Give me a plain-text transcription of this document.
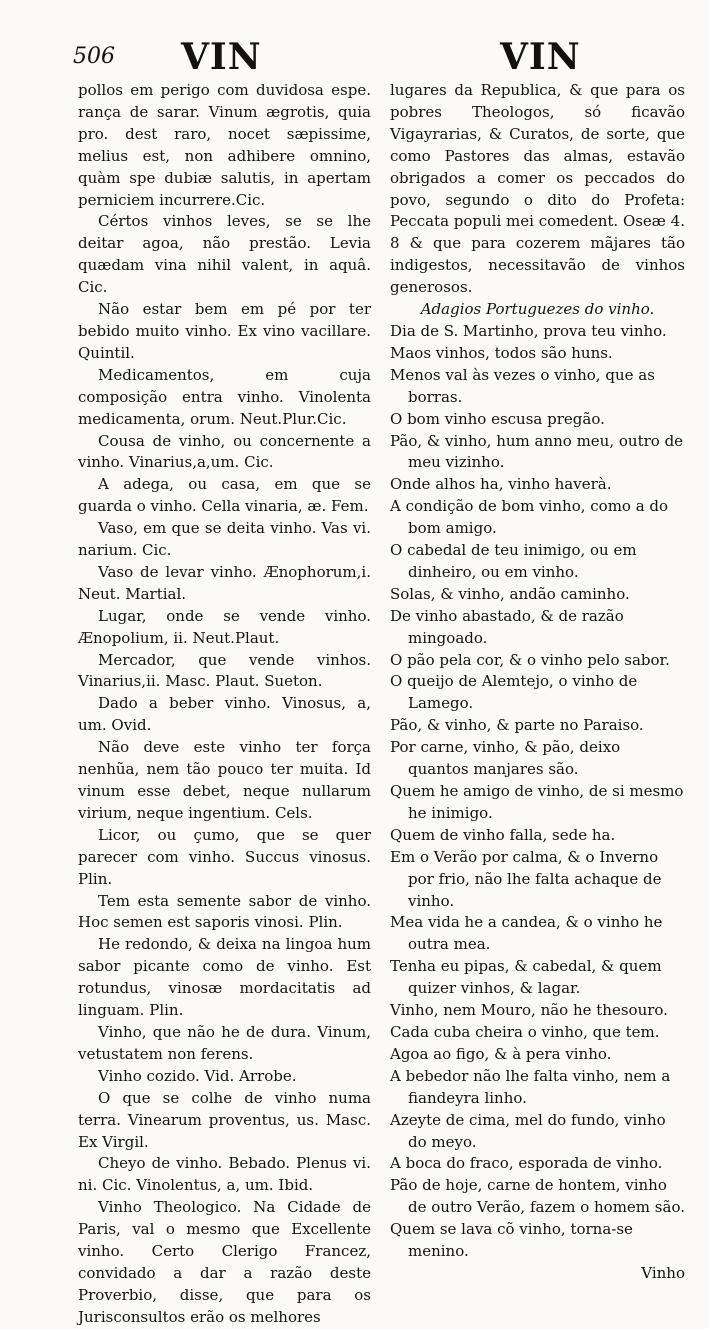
506 VIN	VIN

pollos em perigo com duvidosa espe. rança de sarar. Vinum ægrotis, quia pro. dest raro, nocet sæpissime, melius est, non adhibere omnino, quàm spe dubiæ salutis, in apertam perniciem incurrere.Cic.

Cértos vinhos leves, se se lhe deitar agoa, não prestão. Levia quædam vina nihil valent, in aquâ. Cic.

Não estar bem em pé por ter bebido muito vinho. Ex vino vacillare. Quintil.

Medicamentos, em cuja composição entra vinho. Vinolenta medicamenta, orum. Neut.Plur.Cic.

Cousa de vinho, ou concernente a vinho. Vinarius,a,um. Cic.

A adega, ou casa, em que se guarda o vinho. Cella vinaria, æ. Fem.

Vaso, em que se deita vinho. Vas vi. narium. Cic.

Vaso de levar vinho. Ænophorum,i. Neut. Martial.

Lugar, onde se vende vinho. Ænopolium, ii. Neut.Plaut.

Mercador, que vende vinhos. Vinarius,ii. Masc. Plaut. Sueton.

Dado a beber vinho. Vinosus, a, um. Ovid.

Não deve este vinho ter força nenhũa, nem tão pouco ter muita. Id vinum esse debet, neque nullarum virium, neque ingentium. Cels.

Licor, ou çumo, que se quer parecer com vinho. Succus vinosus. Plin.

Tem esta semente sabor de vinho. Hoc semen est saporis vinosi. Plin.

He redondo, & deixa na lingoa hum sabor picante como de vinho. Est rotundus, vinosæ mordacitatis ad linguam. Plin.

Vinho, que não he de dura. Vinum, vetustatem non ferens.

Vinho cozido. Vid. Arrobe.

O que se colhe de vinho numa terra. Vinearum proventus, us. Masc. Ex Virgil.

Cheyo de vinho. Bebado. Plenus vi. ni. Cic. Vinolentus, a, um. Ibid.

Vinho Theologico. Na Cidade de Paris, val o mesmo que Excellente vinho. Certo Clerigo Francez, convidado a dar a razão deste Proverbio, disse, que para os Jurisconsultos erão os melhores

lugares da Republica, & que para os pobres Theologos, só ficavão Vigayrarias, & Curatos, de sorte, que como Pastores das almas, estavão obrigados a comer os peccados do povo, segundo o dito do Profeta: Peccata populi mei comedent. Oseæ 4. 8 & que para cozerem mãjares tão indigestos, necessitavão de vinhos generosos.

Adagios Portuguezes do vinho.

Dia de S. Martinho, prova teu vinho.

Maos vinhos, todos são huns.

Menos val às vezes o vinho, que as borras.

O bom vinho escusa pregão.

Pão, & vinho, hum anno meu, outro de meu vizinho.

Onde alhos ha, vinho haverà.

A condição de bom vinho, como a do bom amigo.

O cabedal de teu inimigo, ou em dinheiro, ou em vinho.

Solas, & vinho, andão caminho.

De vinho abastado, & de razão mingoado.

O pão pela cor, & o vinho pelo sabor.

O queijo de Alemtejo, o vinho de Lamego.

Pão, & vinho, & parte no Paraiso.

Por carne, vinho, & pão, deixo quantos manjares são.

Quem he amigo de vinho, de si mesmo he inimigo.

Quem de vinho falla, sede ha.

Em o Verão por calma, & o Inverno por frio, não lhe falta achaque de vinho.

Mea vida he a candea, & o vinho he outra mea.

Tenha eu pipas, & cabedal, & quem quizer vinhos, & lagar.

Vinho, nem Mouro, não he thesouro.

Cada cuba cheira o vinho, que tem.

Agoa ao figo, & à pera vinho.

A bebedor não lhe falta vinho, nem a fiandeyra linho.

Azeyte de cima, mel do fundo, vinho do meyo.

A boca do fraco, esporada de vinho.

Pão de hoje, carne de hontem, vinho de outro Verão, fazem o homem são.

Quem se lava cõ vinho, torna-se menino.

Vinho
